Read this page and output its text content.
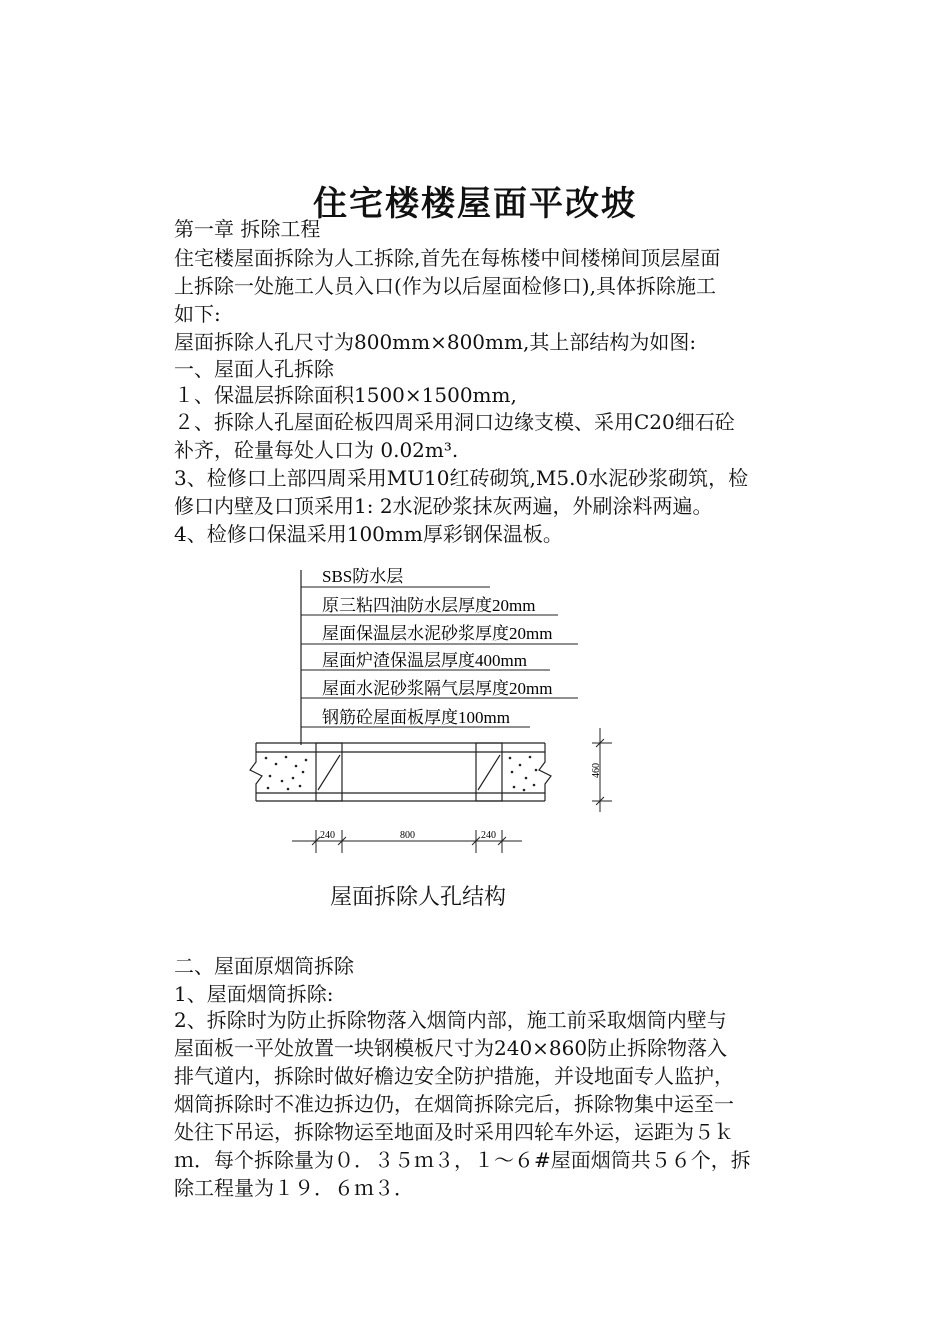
住宅楼楼屋面平改坡
第一章 拆除工程
住宅楼屋面拆除为人工拆除,首先在每栋楼中间楼梯间顶层屋面
上拆除一处施工人员入口(作为以后屋面检修口),具体拆除施工
如下:
屋面拆除人孔尺寸为800mm×800mm,其上部结构为如图:
一、屋面人孔拆除
１、保温层拆除面积1500×1500mm,
２、拆除人孔屋面砼板四周采用洞口边缘支模、采用C20细石砼
补齐，砼量每处人口为 0.02m³.
3、检修口上部四周采用MU10红砖砌筑,M5.0水泥砂浆砌筑，检
修口内壁及口顶采用1: 2水泥砂浆抹灰两遍，外刷涂料两遍。
4、检修口保温采用100mm厚彩钢保温板。
SBS防水层
原三粘四油防水层厚度20mm
屋面保温层水泥砂浆厚度20mm
屋面炉渣保温层厚度400mm
屋面水泥砂浆隔气层厚度20mm
钢筋砼屋面板厚度100mm
460
240	800	240
屋面拆除人孔结构
二、屋面原烟筒拆除
1、屋面烟筒拆除:
2、拆除时为防止拆除物落入烟筒内部，施工前采取烟筒内壁与
屋面板一平处放置一块钢模板尺寸为240×860防止拆除物落入
排气道内，拆除时做好檐边安全防护措施，并设地面专人监护，
烟筒拆除时不准边拆边仍，在烟筒拆除完后，拆除物集中运至一
处往下吊运，拆除物运至地面及时采用四轮车外运，运距为５ｋ
ｍ．每个拆除量为０．３５ｍ３，１～６#屋面烟筒共５６个，拆
除工程量为１９．６ｍ３．
